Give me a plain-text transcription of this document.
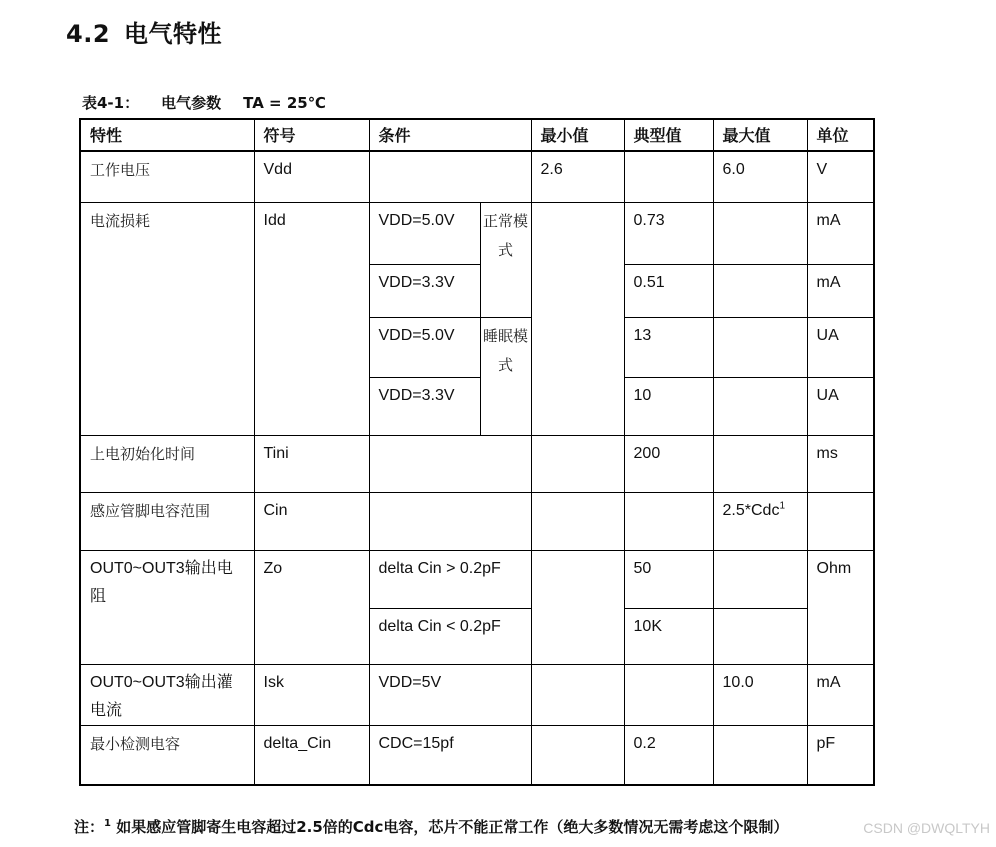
4.2 电气特性
表4-1： 电气参数 TA = 25℃
特性	符号	条件		最小值	典型值	最大值	单位
工作电压	Vdd			2.6		6.0	V
电流损耗	Idd	VDD=5.0V	正常模式		0.73		mA
		VDD=3.3V			0.51		mA
		VDD=5.0V	睡眠模式		13		UA
		VDD=3.3V			10		UA
上电初始化时间	Tini				200		ms
感应管脚电容范围	Cin					2.5*Cdc$^1$	
OUT0~OUT3输出电阻	Zo	delta Cin > 0.2pF			50		Ohm
		delta Cin < 0.2pF			10K		
OUT0~OUT3输出灌电流	Isk	VDD=5V				10.0	mA
最小检测电容	delta_Cin	CDC=15pf			0.2		pF
注：$^1$ 如果感应管脚寄生电容超过2.5倍的Cdc电容，芯片不能正常工作（绝大多数情况无需考虑这个限制）	CSDN @DWQLTYH
